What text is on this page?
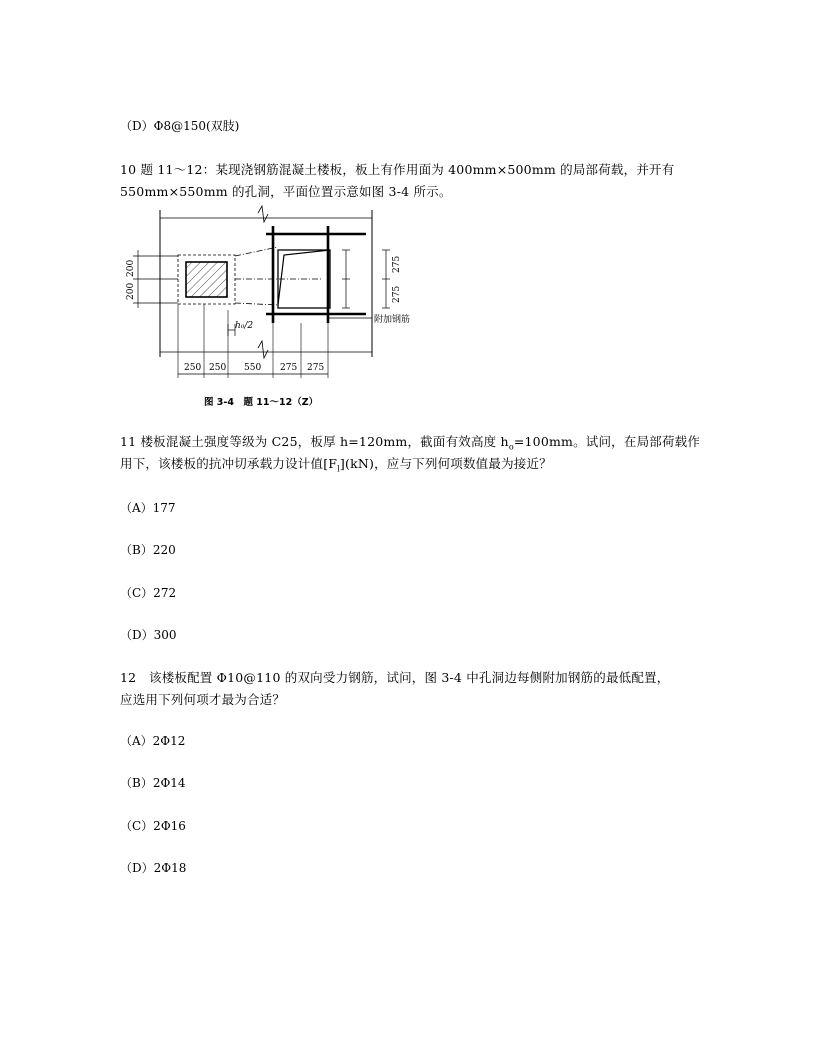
（D）Φ8@150(双肢)
10 题 11～12：某现浇钢筋混凝土楼板，板上有作用面为 400mm×500mm 的局部荷载，并开有
550mm×550mm 的孔洞，平面位置示意如图 3-4 所示。
275
275
200
200
h₀/2
附加钢筋
250 250 550 275 275
图 3-4　题 11～12（Z）
11 楼板混凝土强度等级为 C25，板厚 h=120mm，截面有效高度 $h_o=100mm$。试问，在局部荷载作
用下，该楼板的抗冲切承载力设计值$[F_l](kN)$，应与下列何项数值最为接近？
（A）177
（B）220
（C）272
（D）300
12　该楼板配置 Φ10@110 的双向受力钢筋，试问，图 3-4 中孔洞边每侧附加钢筋的最低配置，
应选用下列何项才最为合适？
（A）2Φ12
（B）2Φ14
（C）2Φ16
（D）2Φ18
